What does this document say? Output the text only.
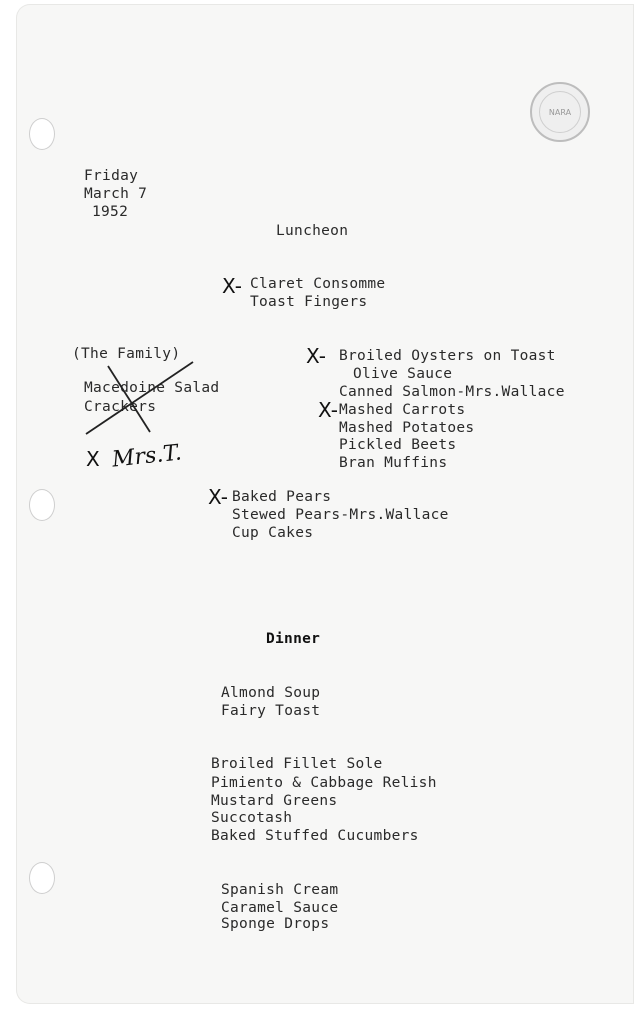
NARA
Friday
March 7
1952
Luncheon
X- Claret Consomme
Toast Fingers
(The Family)
Macedoine Salad
Crackers
X Mrs.T.
X- Broiled Oysters on Toast
Olive Sauce
Canned Salmon-Mrs.Wallace
X- Mashed Carrots
Mashed Potatoes
Pickled Beets
Bran Muffins
X- Baked Pears
Stewed Pears-Mrs.Wallace
Cup Cakes
Dinner
Almond Soup
Fairy Toast
Broiled Fillet Sole
Pimiento & Cabbage Relish
Mustard Greens
Succotash
Baked Stuffed Cucumbers
Spanish Cream
Caramel Sauce
Sponge Drops
